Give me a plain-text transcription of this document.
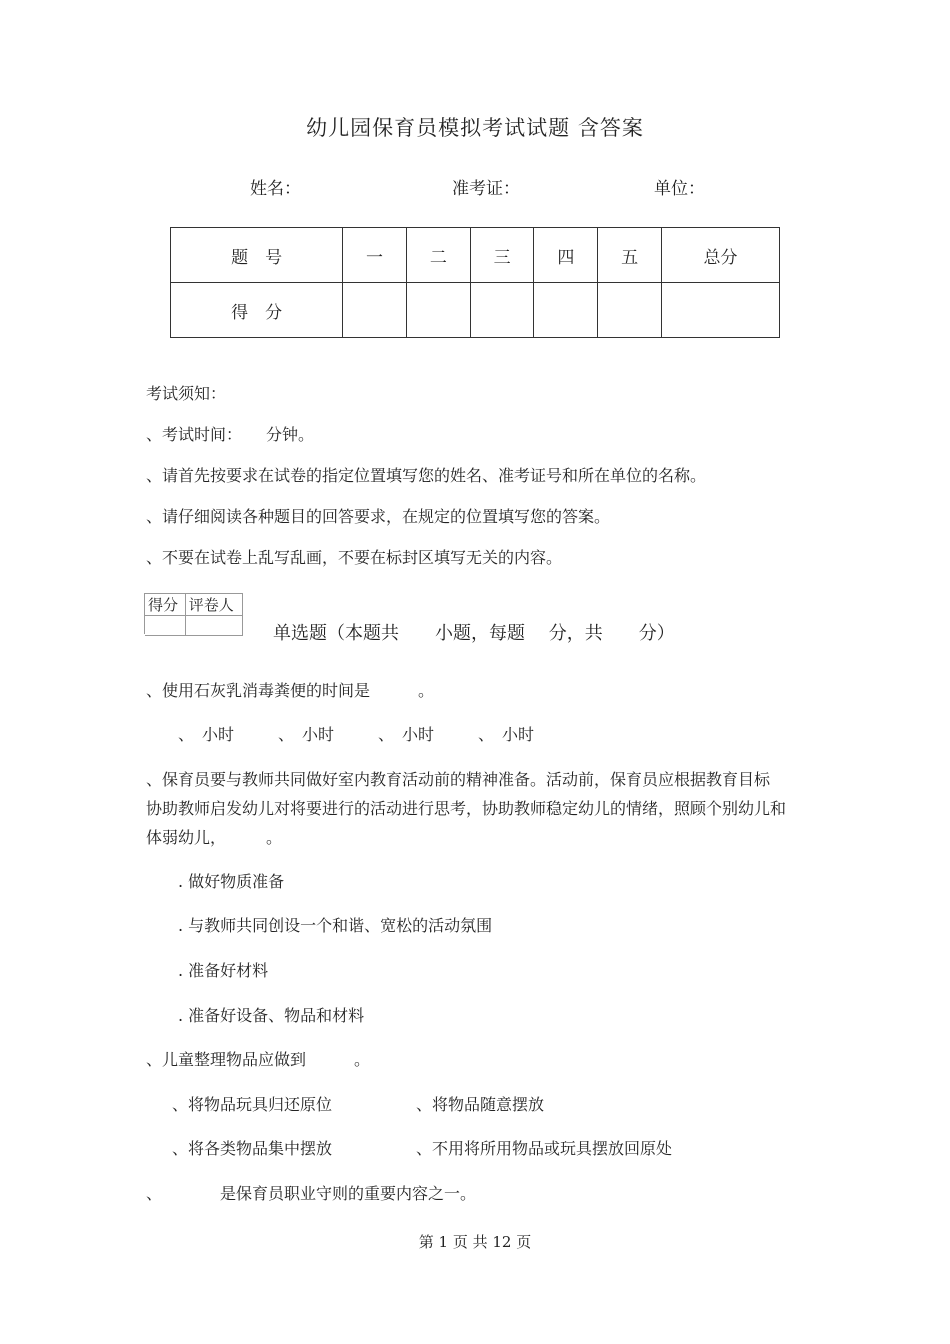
幼儿园保育员模拟考试试题 含答案
姓名：	准考证：	单位：
题　号	一	二	三	四	五	总分
得　分						
考试须知：
、考试时间：　　分钟。
、请首先按要求在试卷的指定位置填写您的姓名、准考证号和所在单位的名称。
、请仔细阅读各种题目的回答要求，在规定的位置填写您的答案。
、不要在试卷上乱写乱画，不要在标封区填写无关的内容。
得分	评卷人

单选题（本题共　　小题，每题　 分，共　　分）
、使用石灰乳消毒粪便的时间是　　　。
、　小时	、　小时	、　小时	、　小时
、保育员要与教师共同做好室内教育活动前的精神准备。活动前，保育员应根据教育目标
协助教师启发幼儿对将要进行的活动进行思考，协助教师稳定幼儿的情绪，照顾个别幼儿和
体弱幼儿，　　　。
. 做好物质准备
. 与教师共同创设一个和谐、宽松的活动氛围
. 准备好材料
. 准备好设备、物品和材料
、儿童整理物品应做到　　　。
、将物品玩具归还原位	、将物品随意摆放
、将各类物品集中摆放	、不用将所用物品或玩具摆放回原处
、	是保育员职业守则的重要内容之一。
第 1 页 共 12 页
